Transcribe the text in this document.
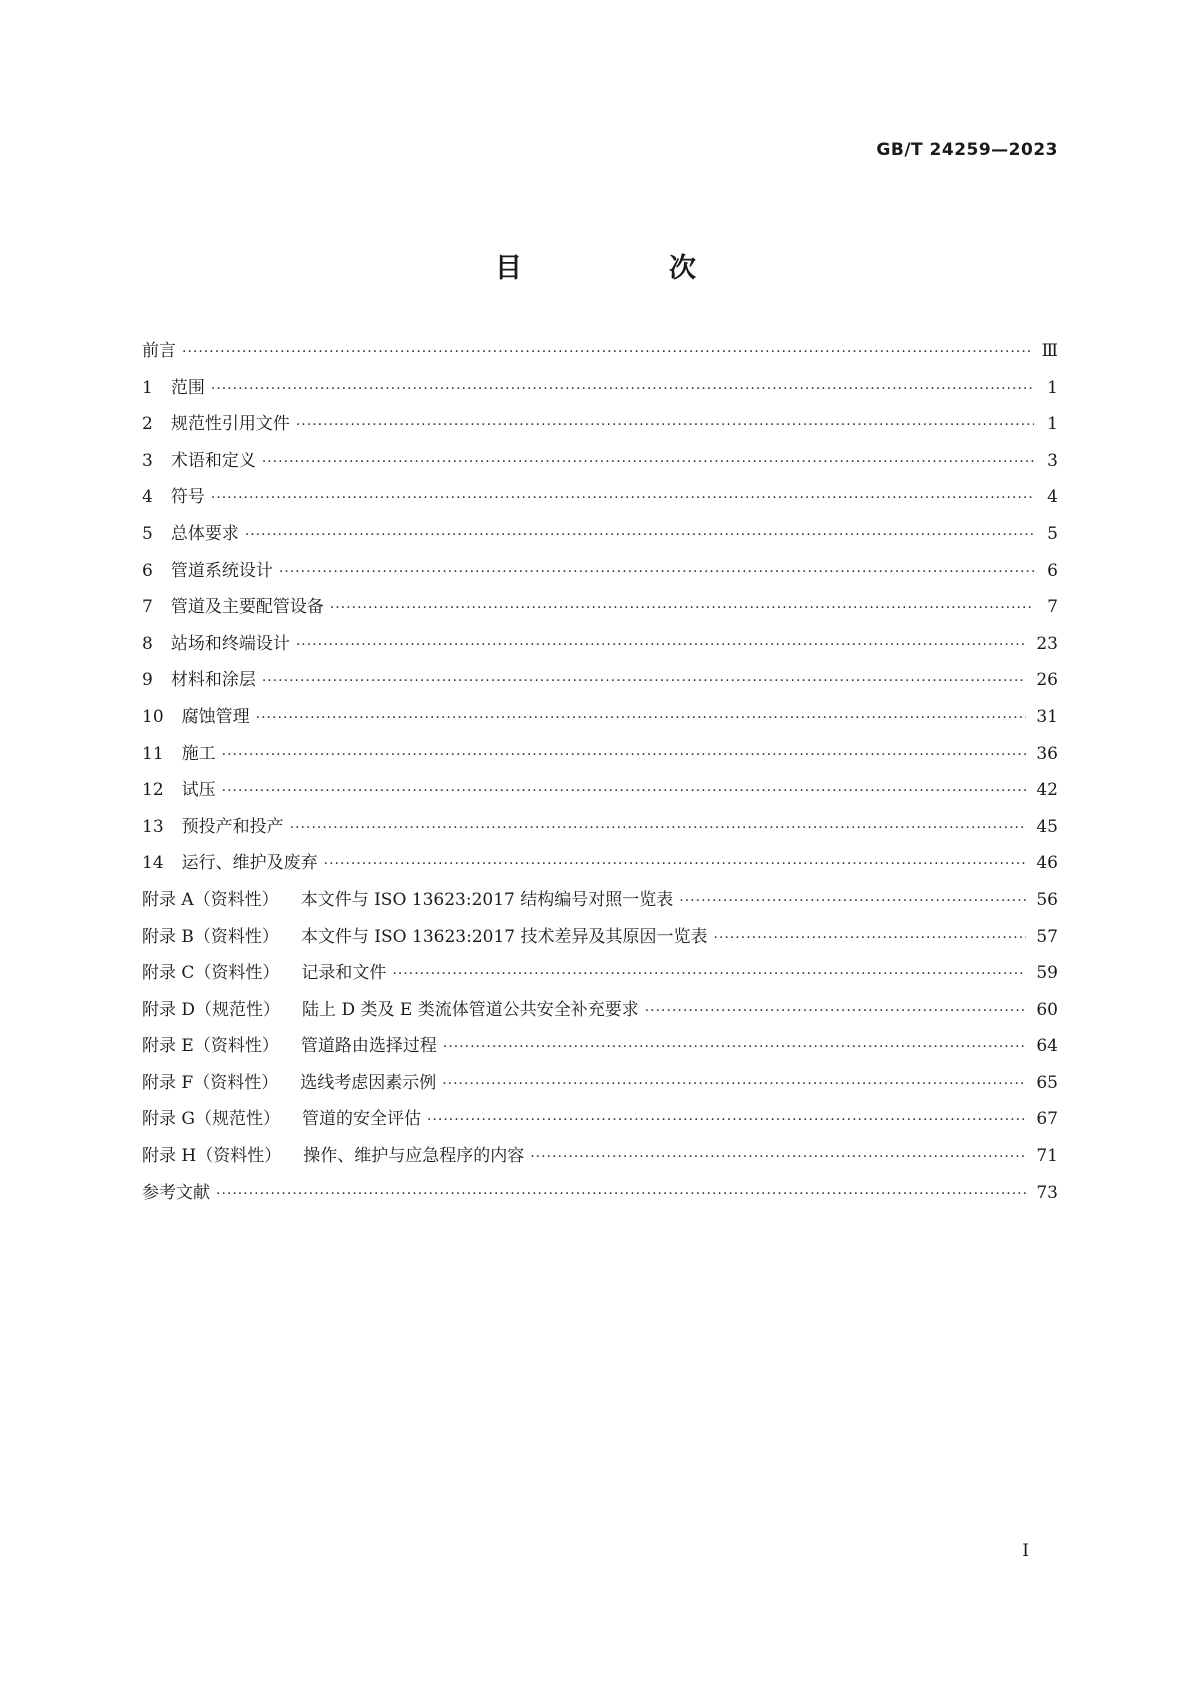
GB/T 24259—2023
目　次
前言 ·····	Ⅲ
1 范围 ·····	1
2 规范性引用文件 ·····	1
3 术语和定义 ·····	3
4 符号 ·····	4
5 总体要求 ·····	5
6 管道系统设计 ·····	6
7 管道及主要配管设备 ·····	7
8 站场和终端设计 ·····	23
9 材料和涂层 ·····	26
10 腐蚀管理 ·····	31
11 施工 ·····	36
12 试压 ·····	42
13 预投产和投产 ·····	45
14 运行、维护及废弃 ·····	46
附录 A（资料性） 本文件与 ISO 13623:2017 结构编号对照一览表 ·····	56
附录 B（资料性） 本文件与 ISO 13623:2017 技术差异及其原因一览表 ·····	57
附录 C（资料性） 记录和文件 ·····	59
附录 D（规范性） 陆上 D 类及 E 类流体管道公共安全补充要求 ·····	60
附录 E（资料性） 管道路由选择过程 ·····	64
附录 F（资料性） 选线考虑因素示例 ·····	65
附录 G（规范性） 管道的安全评估 ·····	67
附录 H（资料性） 操作、维护与应急程序的内容 ·····	71
参考文献 ·····	73
I
